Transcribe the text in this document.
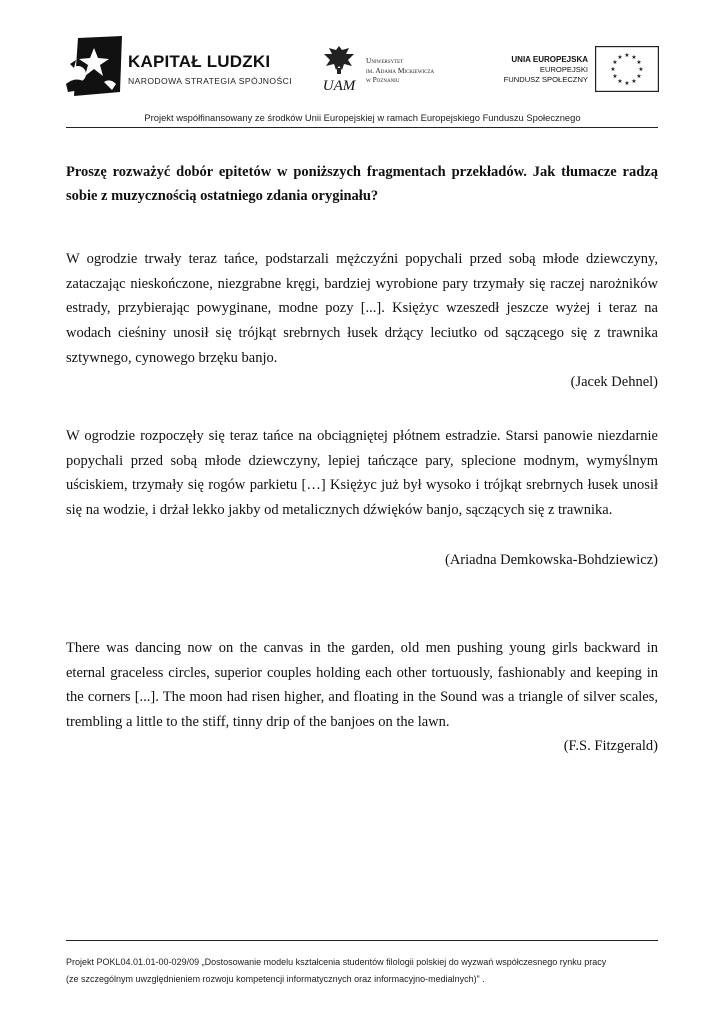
KAPITAŁ LUDZKI
NARODOWA STRATEGIA SPÓJNOŚCI UAM
Uniwersytet
im. Adama Mickiewicza
w Poznaniu
UNIA EUROPEJSKA
EUROPEJSKI
FUNDUSZ SPOŁECZNY
★ ★
★
★
★
★
★
★
★
★
★
★
Projekt współfinansowany ze środków Unii Europejskiej w ramach Europejskiego Funduszu Społecznego
Proszę rozważyć dobór epitetów w poniższych fragmentach przekładów. Jak tłumacze radzą sobie z muzycznością ostatniego zdania oryginału?
W ogrodzie trwały teraz tańce, podstarzali mężczyźni popychali przed sobą młode dziewczyny,
zataczając nieskończone, niezgrabne kręgi, bardziej wyrobione pary trzymały się raczej narożników
estrady, przybierając powyginane, modne pozy [...]. Księżyc wzeszedł jeszcze wyżej i teraz na
wodach cieśniny unosił się trójkąt srebrnych łusek drżący leciutko od sączącego się z trawnika
sztywnego, cynowego brzęku banjo.
(Jacek Dehnel)
W ogrodzie rozpoczęły się teraz tańce na obciągniętej płótnem estradzie. Starsi panowie niezdarnie
popychali przed sobą młode dziewczyny, lepiej tańczące pary, splecione modnym, wymyślnym
uściskiem, trzymały się rogów parkietu […] Księżyc już był wysoko i trójkąt srebrnych łusek unosił
się na wodzie, i drżał lekko jakby od metalicznych dźwięków banjo, sączących się z trawnika.
(Ariadna Demkowska-Bohdziewicz)
There was dancing now on the canvas in the garden, old men pushing young girls backward in
eternal graceless circles, superior couples holding each other tortuously, fashionably and keeping in
the corners [...]. The moon had risen higher, and floating in the Sound was a triangle of silver scales,
trembling a little to the stiff, tinny drip of the banjoes on the lawn.
(F.S. Fitzgerald)
Projekt POKL04.01.01-00-029/09 „Dostosowanie modelu kształcenia studentów filologii polskiej do wyzwań współczesnego rynku pracy
(ze szczególnym uwzględnieniem rozwoju kompetencji informatycznych oraz informacyjno-medialnych)” .
